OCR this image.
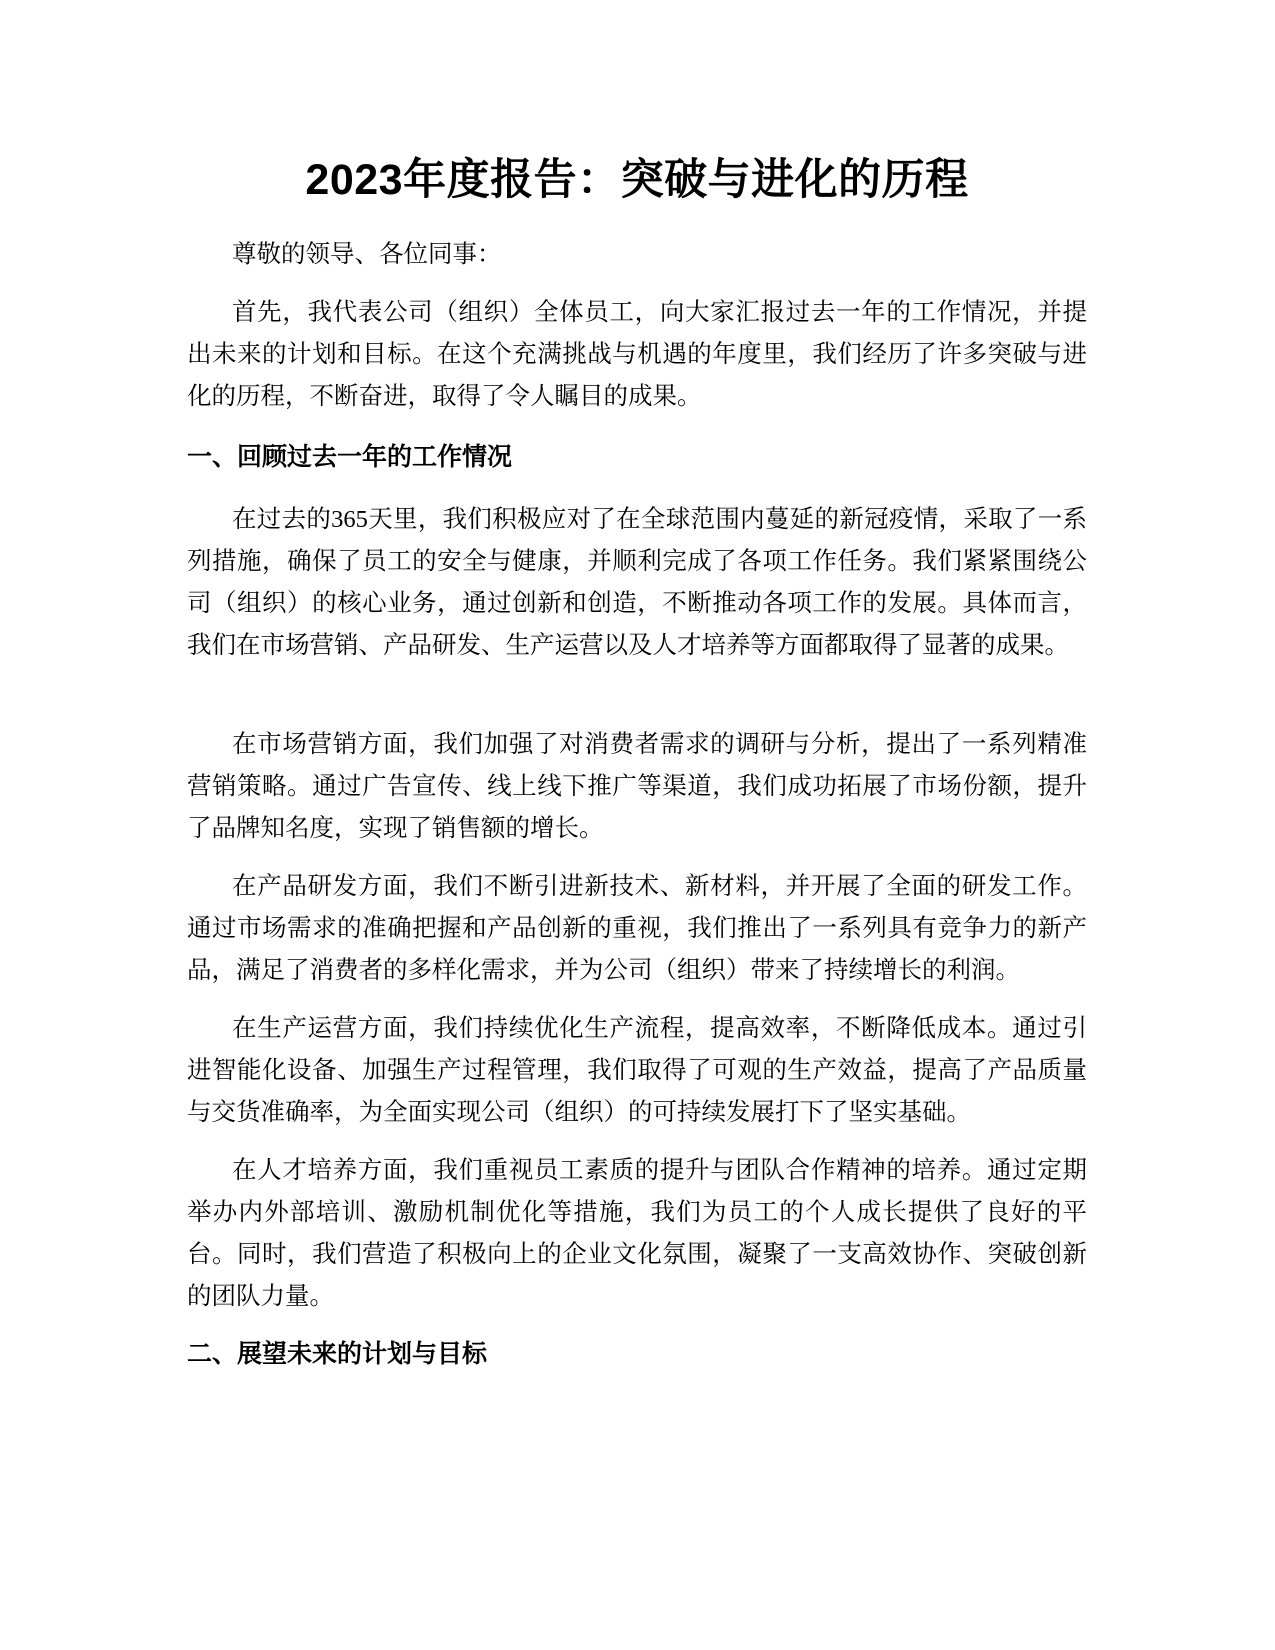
2023年度报告：突破与进化的历程

尊敬的领导、各位同事：

首先，我代表公司（组织）全体员工，向大家汇报过去一年的工作情况，并提出未来的计划和目标。在这个充满挑战与机遇的年度里，我们经历了许多突破与进化的历程，不断奋进，取得了令人瞩目的成果。

一、回顾过去一年的工作情况

在过去的365天里，我们积极应对了在全球范围内蔓延的新冠疫情，采取了一系列措施，确保了员工的安全与健康，并顺利完成了各项工作任务。我们紧紧围绕公司（组织）的核心业务，通过创新和创造，不断推动各项工作的发展。具体而言，我们在市场营销、产品研发、生产运营以及人才培养等方面都取得了显著的成果。

在市场营销方面，我们加强了对消费者需求的调研与分析，提出了一系列精准营销策略。通过广告宣传、线上线下推广等渠道，我们成功拓展了市场份额，提升了品牌知名度，实现了销售额的增长。

在产品研发方面，我们不断引进新技术、新材料，并开展了全面的研发工作。通过市场需求的准确把握和产品创新的重视，我们推出了一系列具有竞争力的新产品，满足了消费者的多样化需求，并为公司（组织）带来了持续增长的利润。

在生产运营方面，我们持续优化生产流程，提高效率，不断降低成本。通过引进智能化设备、加强生产过程管理，我们取得了可观的生产效益，提高了产品质量与交货准确率，为全面实现公司（组织）的可持续发展打下了坚实基础。

在人才培养方面，我们重视员工素质的提升与团队合作精神的培养。通过定期举办内外部培训、激励机制优化等措施，我们为员工的个人成长提供了良好的平台。同时，我们营造了积极向上的企业文化氛围，凝聚了一支高效协作、突破创新的团队力量。

二、展望未来的计划与目标
